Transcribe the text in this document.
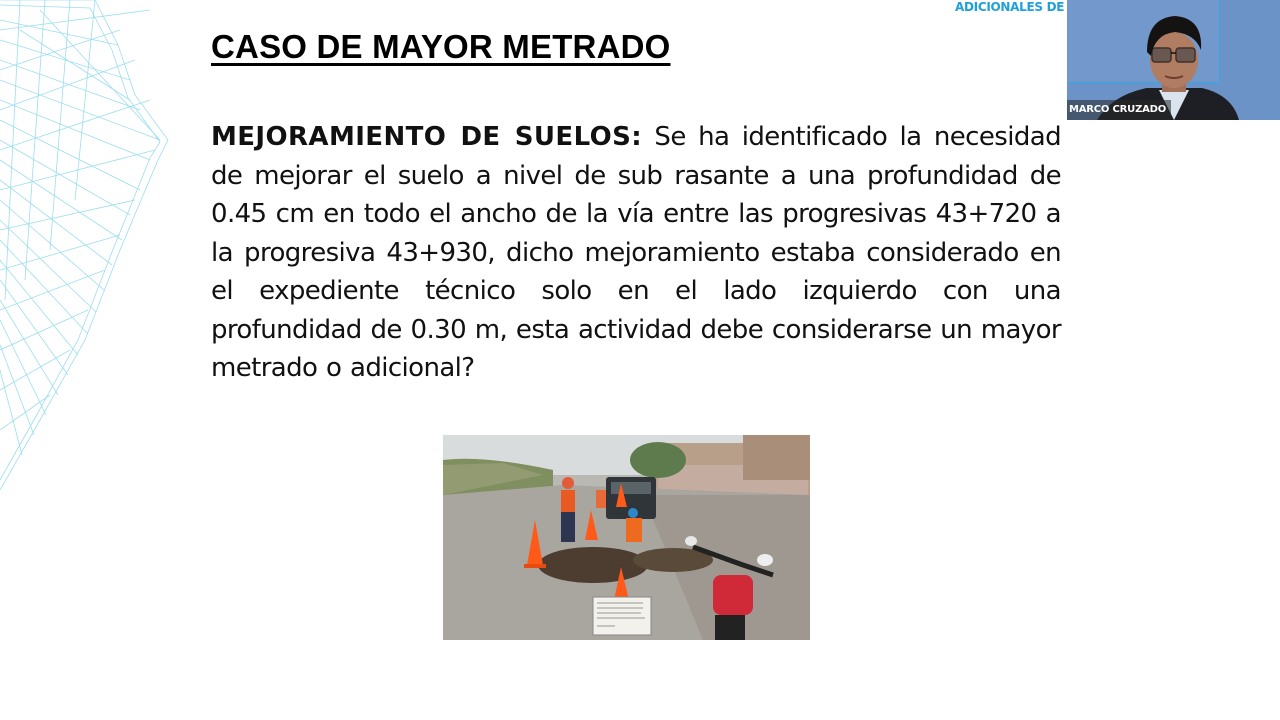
CASO DE MAYOR METRADO

MEJORAMIENTO DE SUELOS: Se ha identificado la necesidad de mejorar el suelo a nivel de sub rasante a una profundidad de 0.45 cm en todo el ancho de la vía entre las progresivas 43+720 a la progresiva 43+930, dicho mejoramiento estaba considerado en el expediente técnico solo en el lado izquierdo con una profundidad de 0.30 m, esta actividad debe considerarse un mayor metrado o adicional?

ADICIONALES DE
MARCO CRUZADO
